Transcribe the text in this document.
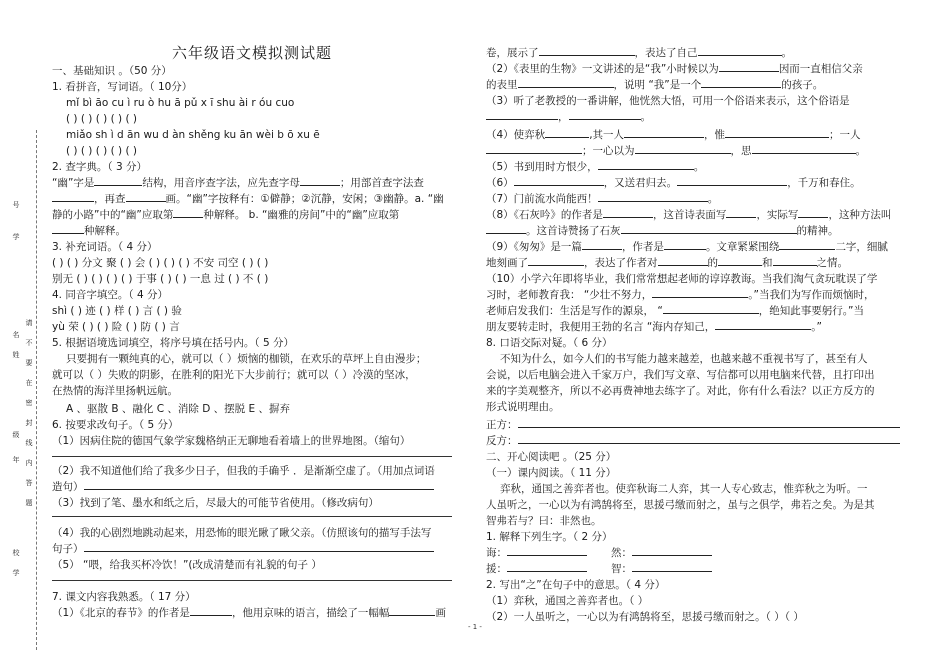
号
学
名
姓
级
年
校
学
请
不
要
在
密
封
线
内
答
题
六年级语文模拟测试题
一、基础知识 。（50 分）
1. 看拼音，写词语。（ 10分）
mǐ bì āo cu ì ru ò hu ā pǔ x ī shu ài r óu cuo
( ) ( ) ( ) ( ) ( )
miǎo sh ì d ān wu d àn shěng ku ān wèi b ō xu ē
( ) ( ) ( ) ( ) ( )
2. 查字典。（ 3 分）
“幽”字是	结构，用音序查字法，应先查字母	；用部首查字法查
，再查	画。“幽”字按释有：①僻静；②沉静，安闲；③幽静。a. “幽
静的小路”中的“幽”应取第	种解释。 b. “幽雅的房间”中的“幽”应取第
种解释。
3. 补充词语。（ 4 分）
( ) ( ) 分文 聚 ( ) 会 ( ) ( ) ( ) 不安 司空 ( ) ( )
别无 ( ) ( ) ( ) ( ) 于事 ( ) ( ) 一息 过 ( ) 不 ( )
4. 同音字填空。（ 4 分）
shì ( ) 迹 ( ) 样 ( ) 言 ( ) 验
yù 荣 ( ) ( ) 险 ( ) 防 ( ) 言
5. 根据语境选词填空，将序号填在括号内。（ 5 分）
只要拥有一颗纯真的心，就可以（ ）烦恼的枷锁，在欢乐的草坪上自由漫步；
就可以（ ）失败的阴影，在胜利的阳光下大步前行；就可以（ ）冷漠的坚冰，
在热情的海洋里扬帆远航。
A 、驱散 B 、融化 C 、消除 D 、摆脱 E 、摒弃
6. 按要求改句子。（ 5 分）
（1）因病住院的德国气象学家魏格纳正无聊地看着墙上的世界地图。（缩句）
（2）我不知道他们给了我多少日子，但我的手确乎 ．是渐渐空虚了。（用加点词语
造句）
（3）找到了笔、墨水和纸之后，尽最大的可能节省使用。（修改病句）
（4）我的心剧烈地跳动起来，用恐怖的眼光瞅了瞅父亲。（仿照该句的描写手法写
句子）
（5） “喂，给我买杯冷饮！”(改成清楚而有礼貌的句子 ）
7. 课文内容我熟悉。（ 17 分）
（1）《北京的春节》的作者是	，他用京味的语言，描绘了一幅幅	画
卷，展示了	，表达了自己	。
（2）《表里的生物》一文讲述的是“我”小时候以为	因而一直相信父亲
的表里	，说明 “我”是一个	的孩子。
（3）听了老教授的一番讲解，他恍然大悟，可用一个俗语来表示，这个俗语是
，	。
（4）使弈秋	,其一人	，惟	；一人
；一心以为	，思	。
（5）书到用时方恨少，	。
（6）	，又送君归去。	，千万和春住。
（7）门前流水尚能西！	。
（8）《石灰吟》的作者是	，这首诗表面写	，实际写	，这种方法叫
。这首诗赞扬了石灰	的精神。
（9）《匆匆》是一篇	，作者是	。文章紧紧围绕	二字，细腻
地刻画了	，表达了作者对	的	和	之情。
（10）小学六年即将毕业，我们常常想起老师的谆谆教诲。当我们淘气贪玩耽误了学
习时，老师教育我： “少壮不努力，	。”当我们为写作而烦恼时，
老师启发我们：生活是写作的源泉， “	，绝知此事要躬行。”当
朋友要转走时，我便用王勃的名言 “海内存知己，	。”
8. 口语交际对疑。（ 6 分）
不知为什么，如今人们的书写能力越来越差，也越来越不重视书写了，甚至有人
会说，以后电脑会进入千家万户，我们写文章、写信都可以用电脑来代替，且打印出
来的字美观整齐，所以不必再费神地去练字了。对此，你有什么看法？以正方反方的
形式说明理由。
正方：
反方：
二、开心阅读吧 。（25 分）
（一）课内阅读。（ 11 分）
弈秋，通国之善弈者也。使弈秋诲二人弈，其一人专心致志，惟弈秋之为听。一
人虽听之，一心以为有鸿鹄将至，思援弓缴而射之，虽与之俱学，弗若之矣。为是其
智弗若与？曰：非然也。
1. 解释下列生字。（ 2 分）
诲：	然：
援：	智：
2. 写出“之”在句子中的意思。（ 4 分）
（1）弈秋，通国之善弈者也。（ ）
（2）一人虽听之，一心以为有鸿鹄将至，思援弓缴而射之。（ ）（ ）
- 1 -
